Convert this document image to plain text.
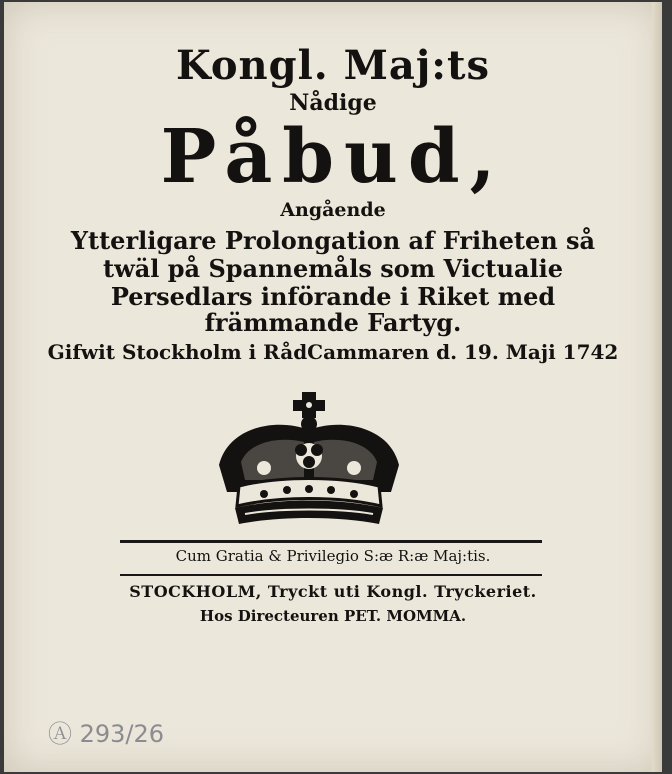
Kongl. Maj:ts
Nådige
Påbud,
Angående
Ytterligare Prolongation af Friheten så
twäl på Spannemåls som Victualie
Persedlars införande i Riket med
främmande Fartyg.
Gifwit Stockholm i RådCammaren d. 19. Maji 1742
Cum Gratia & Privilegio S:æ R:æ Maj:tis.
STOCKHOLM, Tryckt uti Kongl. Tryckeriet.
Hos Directeuren PET. MOMMA.
Ⓐ 293/26
